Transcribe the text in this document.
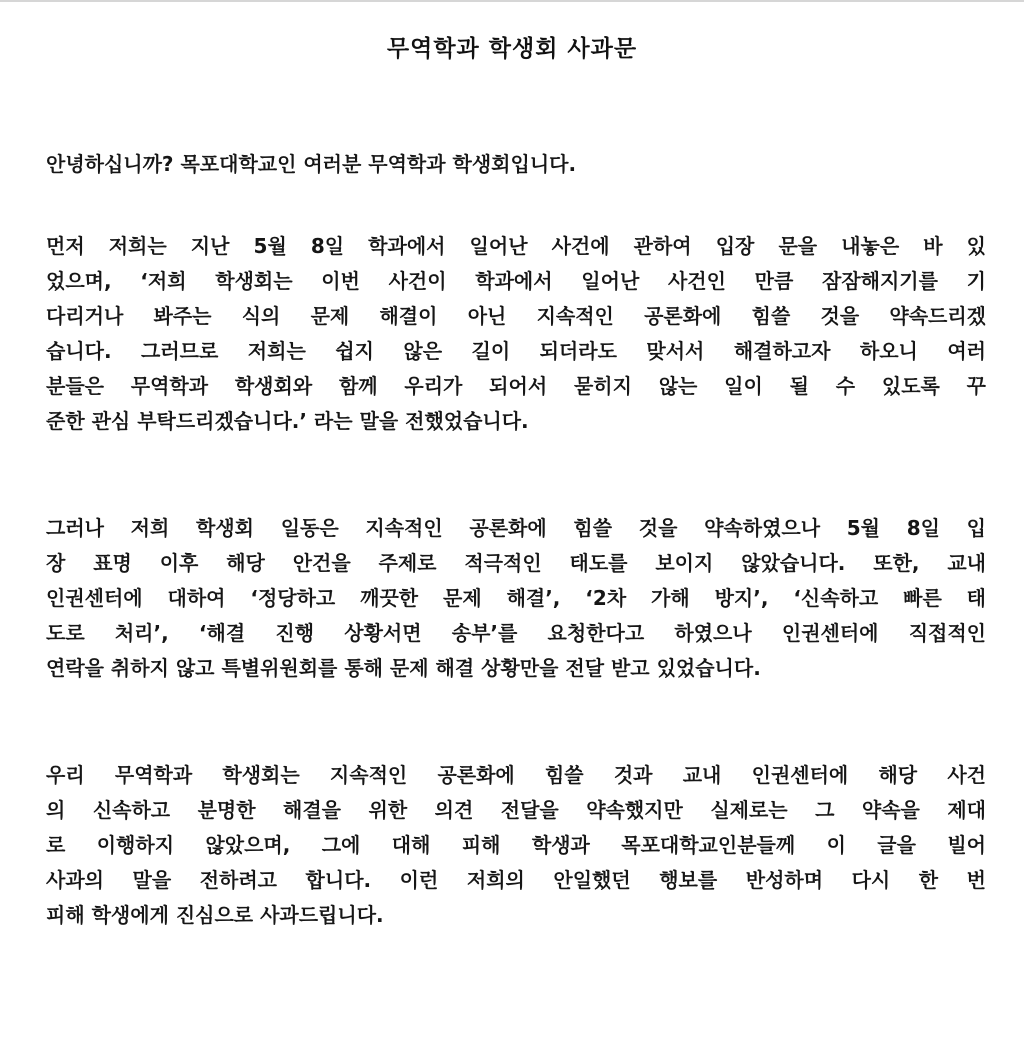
무역학과 학생회 사과문
안녕하십니까? 목포대학교인 여러분 무역학과 학생회입니다.
먼저 저희는 지난 5월 8일 학과에서 일어난 사건에 관하여 입장 문을 내놓은 바 있
었으며, ‘저희 학생회는 이번 사건이 학과에서 일어난 사건인 만큼 잠잠해지기를 기
다리거나 봐주는 식의 문제 해결이 아닌 지속적인 공론화에 힘쓸 것을 약속드리겠
습니다. 그러므로 저희는 쉽지 않은 길이 되더라도 맞서서 해결하고자 하오니 여러
분들은 무역학과 학생회와 함께 우리가 되어서 묻히지 않는 일이 될 수 있도록 꾸
준한 관심 부탁드리겠습니다.’ 라는 말을 전했었습니다.
그러나 저희 학생회 일동은 지속적인 공론화에 힘쓸 것을 약속하였으나 5월 8일 입
장 표명 이후 해당 안건을 주제로 적극적인 태도를 보이지 않았습니다. 또한, 교내
인권센터에 대하여 ‘정당하고 깨끗한 문제 해결’, ‘2차 가해 방지’, ‘신속하고 빠른 태
도로 처리’, ‘해결 진행 상황서면 송부’를 요청한다고 하였으나 인권센터에 직접적인
연락을 취하지 않고 특별위원회를 통해 문제 해결 상황만을 전달 받고 있었습니다.
우리 무역학과 학생회는 지속적인 공론화에 힘쓸 것과 교내 인권센터에 해당 사건
의 신속하고 분명한 해결을 위한 의견 전달을 약속했지만 실제로는 그 약속을 제대
로 이행하지 않았으며, 그에 대해 피해 학생과 목포대학교인분들께 이 글을 빌어
사과의 말을 전하려고 합니다. 이런 저희의 안일했던 행보를 반성하며 다시 한 번
피해 학생에게 진심으로 사과드립니다.
